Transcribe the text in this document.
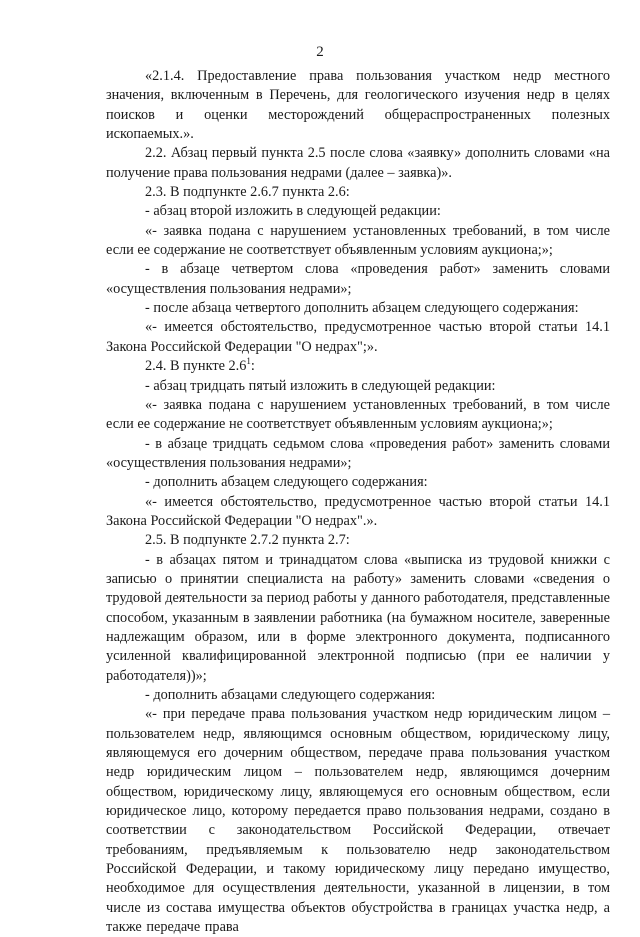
2

«2.1.4. Предоставление права пользования участком недр местного значения, включенным в Перечень, для геологического изучения недр в целях поисков и оценки месторождений общераспространенных полезных ископаемых.».

2.2. Абзац первый пункта 2.5 после слова «заявку» дополнить словами «на получение права пользования недрами (далее – заявка)».

2.3. В подпункте 2.6.7 пункта 2.6:

- абзац второй изложить в следующей редакции:

«- заявка подана с нарушением установленных требований, в том числе если ее содержание не соответствует объявленным условиям аукциона;»;

- в абзаце четвертом слова «проведения работ» заменить словами «осуществления пользования недрами»;

- после абзаца четвертого дополнить абзацем следующего содержания:

«- имеется обстоятельство, предусмотренное частью второй статьи 14.1 Закона Российской Федерации "О недрах";».

2.4. В пункте $2.6^1$:

- абзац тридцать пятый изложить в следующей редакции:

«- заявка подана с нарушением установленных требований, в том числе если ее содержание не соответствует объявленным условиям аукциона;»;

- в абзаце тридцать седьмом слова «проведения работ» заменить словами «осуществления пользования недрами»;

- дополнить абзацем следующего содержания:

«- имеется обстоятельство, предусмотренное частью второй статьи 14.1 Закона Российской Федерации "О недрах".».

2.5. В подпункте 2.7.2 пункта 2.7:

- в абзацах пятом и тринадцатом слова «выписка из трудовой книжки с записью о принятии специалиста на работу» заменить словами «сведения о трудовой деятельности за период работы у данного работодателя, представленные способом, указанным в заявлении работника (на бумажном носителе, заверенные надлежащим образом, или в форме электронного документа, подписанного усиленной квалифицированной электронной подписью (при ее наличии у работодателя))»;

- дополнить абзацами следующего содержания:

«- при передаче права пользования участком недр юридическим лицом – пользователем недр, являющимся основным обществом, юридическому лицу, являющемуся его дочерним обществом, передаче права пользования участком недр юридическим лицом – пользователем недр, являющимся дочерним обществом, юридическому лицу, являющемуся его основным обществом, если юридическое лицо, которому передается право пользования недрами, создано в соответствии с законодательством Российской Федерации, отвечает требованиям, предъявляемым к пользователю недр законодательством Российской Федерации, и такому юридическому лицу передано имущество, необходимое для осуществления деятельности, указанной в лицензии, в том числе из состава имущества объектов обустройства в границах участка недр, а также передаче права
